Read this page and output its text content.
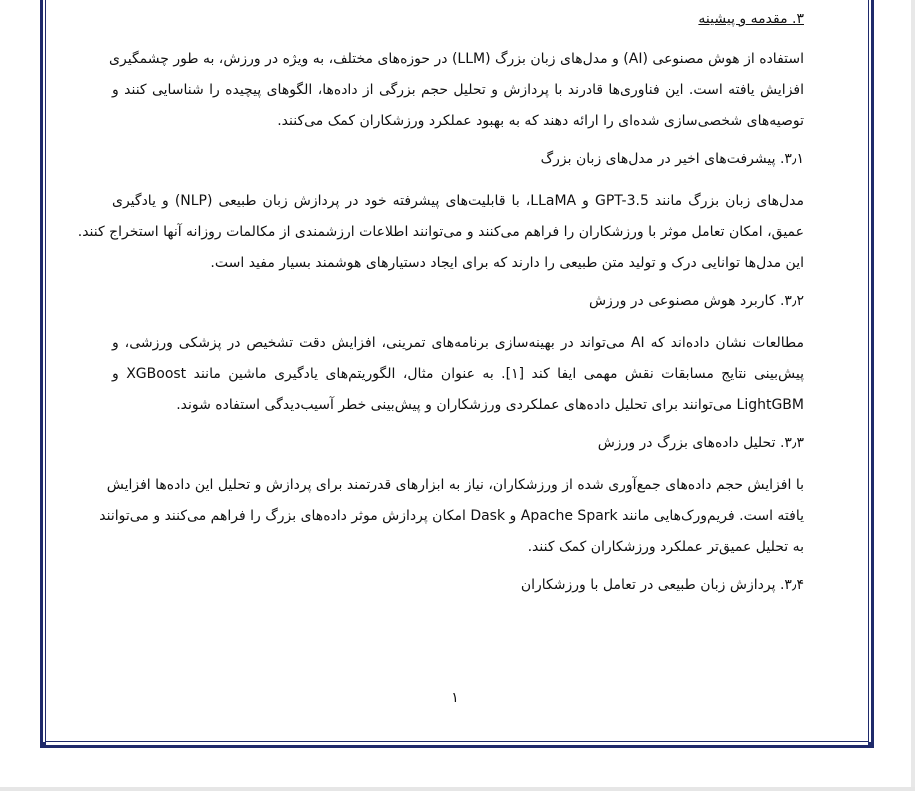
۳. مقدمه و پیشینه
استفاده از هوش مصنوعی (AI) و مدل‌های زبان بزرگ (LLM) در حوزه‌های مختلف، به ویژه در ورزش، به طور چشمگیری
افزایش یافته است. این فناوری‌ها قادرند با پردازش و تحلیل حجم بزرگی از داده‌ها، الگوهای پیچیده را شناسایی کنند و
توصیه‌های شخصی‌سازی شده‌ای را ارائه دهند که به بهبود عملکرد ورزشکاران کمک می‌کنند.
۳٫۱. پیشرفت‌های اخیر در مدل‌های زبان بزرگ
مدل‌های زبان بزرگ مانند GPT-3.5 و LLaMA، با قابلیت‌های پیشرفته خود در پردازش زبان طبیعی (NLP) و یادگیری
عمیق، امکان تعامل موثر با ورزشکاران را فراهم می‌کنند و می‌توانند اطلاعات ارزشمندی از مکالمات روزانه آنها استخراج کنند.
این مدل‌ها توانایی درک و تولید متن طبیعی را دارند که برای ایجاد دستیارهای هوشمند بسیار مفید است.
۳٫۲. کاربرد هوش مصنوعی در ورزش
مطالعات نشان داده‌اند که AI می‌تواند در بهینه‌سازی برنامه‌های تمرینی، افزایش دقت تشخیص در پزشکی ورزشی، و
پیش‌بینی نتایج مسابقات نقش مهمی ایفا کند [۱]. به عنوان مثال، الگوریتم‌های یادگیری ماشین مانند XGBoost و
LightGBM می‌توانند برای تحلیل داده‌های عملکردی ورزشکاران و پیش‌بینی خطر آسیب‌دیدگی استفاده شوند.
۳٫۳. تحلیل داده‌های بزرگ در ورزش
با افزایش حجم داده‌های جمع‌آوری شده از ورزشکاران، نیاز به ابزارهای قدرتمند برای پردازش و تحلیل این داده‌ها افزایش
یافته است. فریم‌ورک‌هایی مانند Apache Spark و Dask امکان پردازش موثر داده‌های بزرگ را فراهم می‌کنند و می‌توانند
به تحلیل عمیق‌تر عملکرد ورزشکاران کمک کنند.
۳٫۴. پردازش زبان طبیعی در تعامل با ورزشکاران
۱
